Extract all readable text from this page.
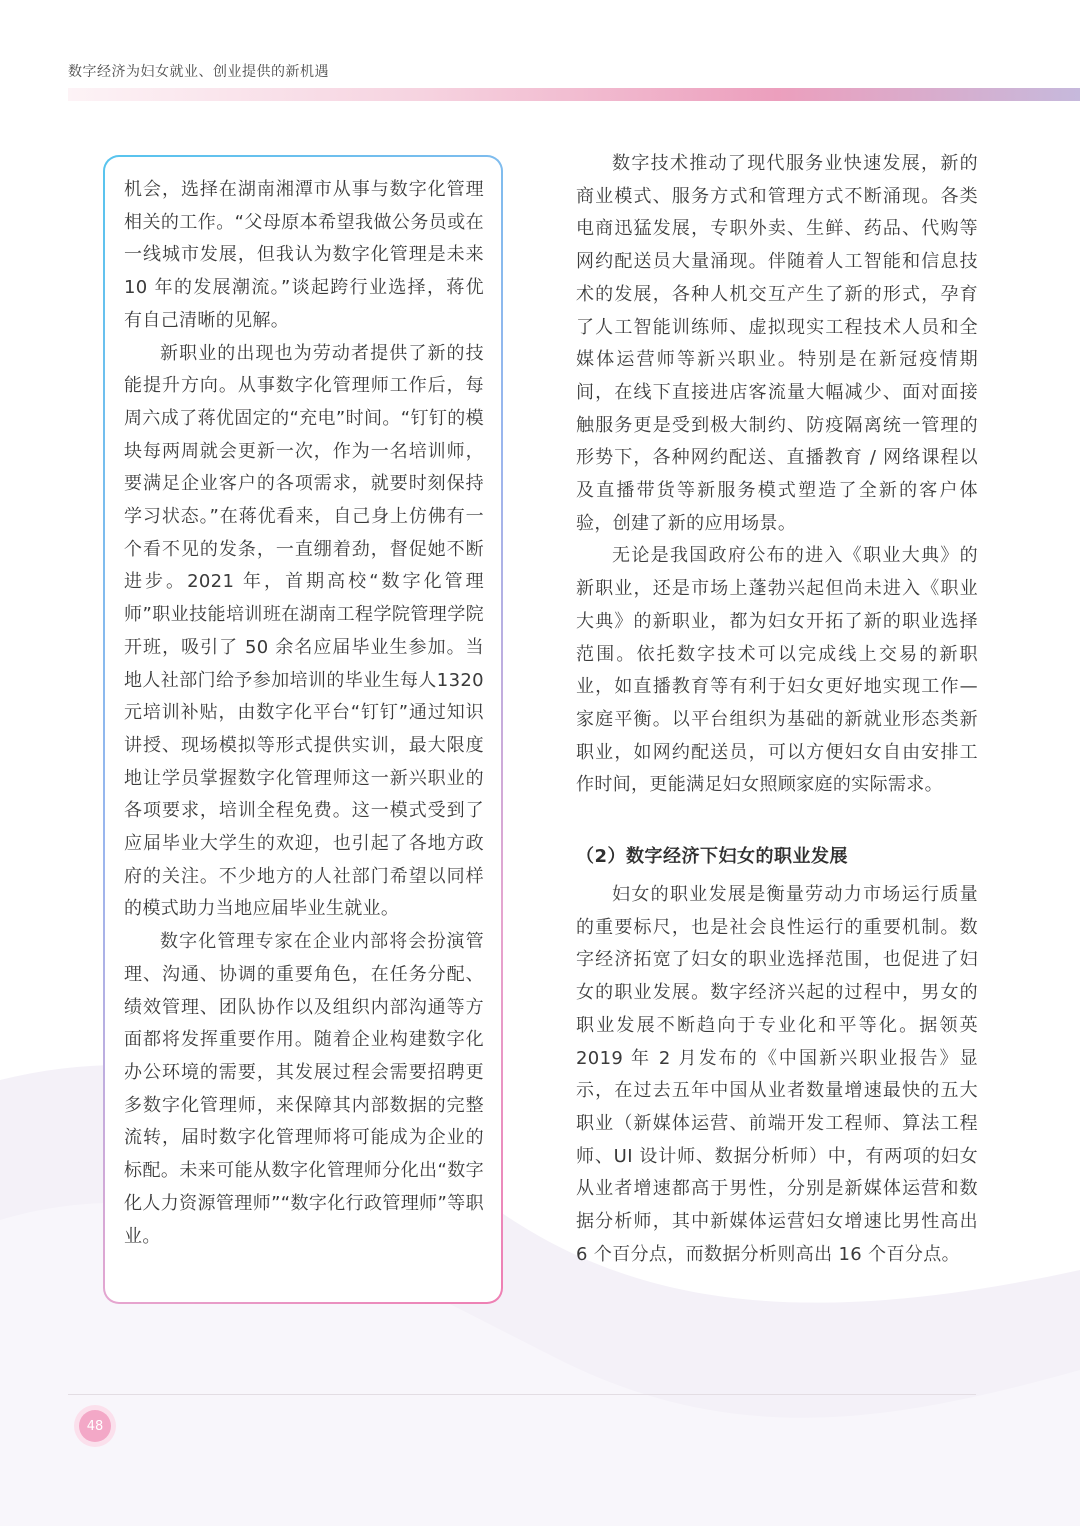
数字经济为妇女就业、创业提供的新机遇

机会，选择在湖南湘潭市从事与数字化管理相关的工作。“父母原本希望我做公务员或在一线城市发展，但我认为数字化管理是未来 10 年的发展潮流。”谈起跨行业选择，蒋优有自己清晰的见解。

新职业的出现也为劳动者提供了新的技能提升方向。从事数字化管理师工作后，每周六成了蒋优固定的“充电”时间。“钉钉的模块每两周就会更新一次，作为一名培训师，要满足企业客户的各项需求，就要时刻保持学习状态。”在蒋优看来，自己身上仿佛有一个看不见的发条，一直绷着劲，督促她不断进步。2021 年，首期高校“数字化管理师”职业技能培训班在湖南工程学院管理学院开班，吸引了 50 余名应届毕业生参加。当地人社部门给予参加培训的毕业生每人1320元培训补贴，由数字化平台“钉钉”通过知识讲授、现场模拟等形式提供实训，最大限度地让学员掌握数字化管理师这一新兴职业的各项要求，培训全程免费。这一模式受到了应届毕业大学生的欢迎，也引起了各地方政府的关注。不少地方的人社部门希望以同样的模式助力当地应届毕业生就业。

数字化管理专家在企业内部将会扮演管理、沟通、协调的重要角色，在任务分配、绩效管理、团队协作以及组织内部沟通等方面都将发挥重要作用。随着企业构建数字化办公环境的需要，其发展过程会需要招聘更多数字化管理师，来保障其内部数据的完整流转，届时数字化管理师将可能成为企业的标配。未来可能从数字化管理师分化出“数字化人力资源管理师”“数字化行政管理师”等职业。

数字技术推动了现代服务业快速发展，新的商业模式、服务方式和管理方式不断涌现。各类电商迅猛发展，专职外卖、生鲜、药品、代购等网约配送员大量涌现。伴随着人工智能和信息技术的发展，各种人机交互产生了新的形式，孕育了人工智能训练师、虚拟现实工程技术人员和全媒体运营师等新兴职业。特别是在新冠疫情期间，在线下直接进店客流量大幅减少、面对面接触服务更是受到极大制约、防疫隔离统一管理的形势下，各种网约配送、直播教育 / 网络课程以及直播带货等新服务模式塑造了全新的客户体验，创建了新的应用场景。

无论是我国政府公布的进入《职业大典》的新职业，还是市场上蓬勃兴起但尚未进入《职业大典》的新职业，都为妇女开拓了新的职业选择范围。依托数字技术可以完成线上交易的新职业，如直播教育等有利于妇女更好地实现工作—家庭平衡。以平台组织为基础的新就业形态类新职业，如网约配送员，可以方便妇女自由安排工作时间，更能满足妇女照顾家庭的实际需求。

（2）数字经济下妇女的职业发展

妇女的职业发展是衡量劳动力市场运行质量的重要标尺，也是社会良性运行的重要机制。数字经济拓宽了妇女的职业选择范围，也促进了妇女的职业发展。数字经济兴起的过程中，男女的职业发展不断趋向于专业化和平等化。据领英 2019 年 2 月发布的《中国新兴职业报告》显示，在过去五年中国从业者数量增速最快的五大职业（新媒体运营、前端开发工程师、算法工程师、UI 设计师、数据分析师）中，有两项的妇女从业者增速都高于男性，分别是新媒体运营和数据分析师，其中新媒体运营妇女增速比男性高出 6 个百分点，而数据分析则高出 16 个百分点。

48
